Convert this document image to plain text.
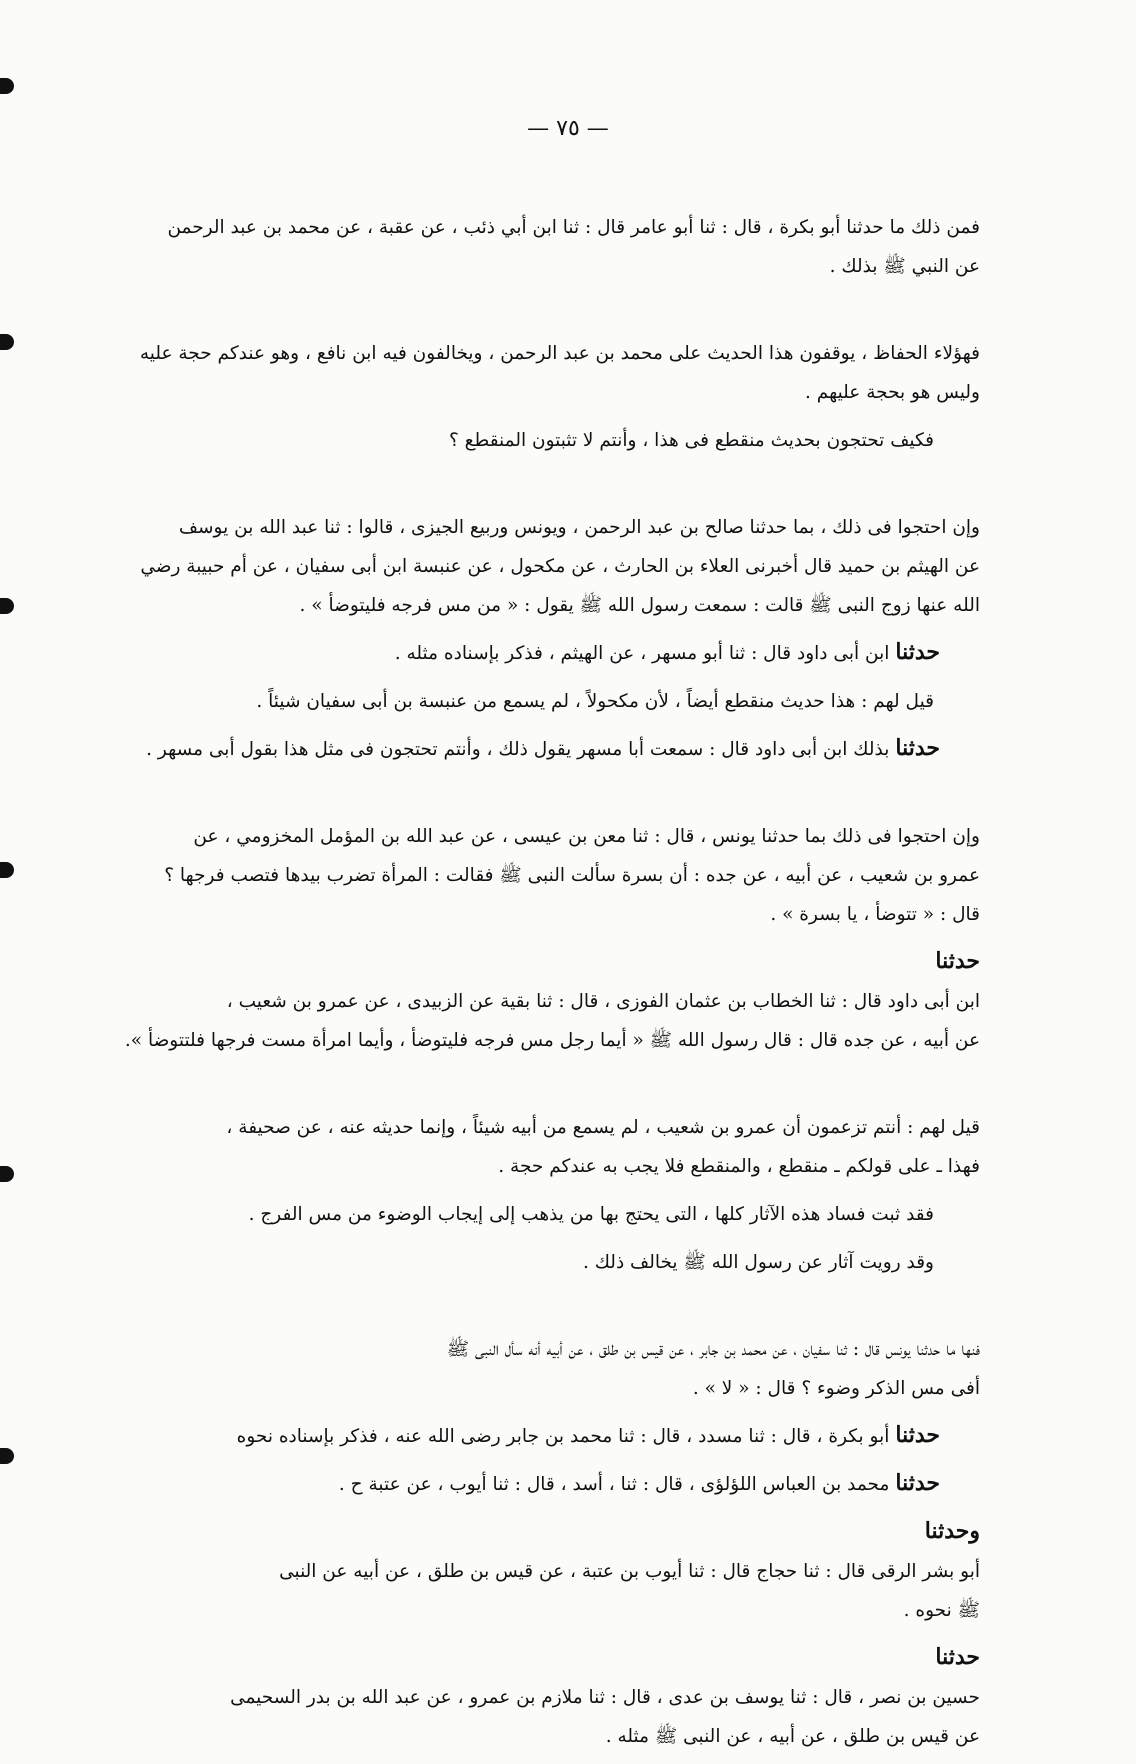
— ٧٥ —

فمن ذلك ما حدثنا أبو بكرة ، قال : ثنا أبو عامر قال : ثنا ابن أبي ذئب ، عن عقبة ، عن محمد بن عبد الرحمن
عن النبي ﷺ بذلك .

فهؤلاء الحفاظ ، يوقفون هذا الحديث على محمد بن عبد الرحمن ، ويخالفون فيه ابن نافع ، وهو عندكم حجة عليه
وليس هو بحجة عليهم .

فكيف تحتجون بحديث منقطع فى هذا ، وأنتم لا تثبتون المنقطع ؟

وإن احتجوا فى ذلك ، بما حدثنا صالح بن عبد الرحمن ، ويونس وربيع الجيزى ، قالوا : ثنا عبد الله بن يوسف
عن الهيثم بن حميد قال أخبرنى العلاء بن الحارث ، عن مكحول ، عن عنبسة ابن أبى سفيان ، عن أم حبيبة رضي
الله عنها زوج النبى ﷺ قالت : سمعت رسول الله ﷺ يقول : « من مس فرجه فليتوضأ » .

حدثناابن أبى داود قال : ثنا أبو مسهر ، عن الهيثم ، فذكر بإسناده مثله .

قيل لهم : هذا حديث منقطع أيضاً ، لأن مكحولاً ، لم يسمع من عنبسة بن أبى سفيان شيئاً .

حدثنابذلك ابن أبى داود قال : سمعت أبا مسهر يقول ذلك ، وأنتم تحتجون فى مثل هذا بقول أبى مسهر .

وإن احتجوا فى ذلك بما حدثنا يونس ، قال : ثنا معن بن عيسى ، عن عبد الله بن المؤمل المخزومي ، عن
عمرو بن شعيب ، عن أبيه ، عن جده : أن بسرة سألت النبى ﷺ فقالت : المرأة تضرب بيدها فتصب فرجها ؟
قال : « تتوضأ ، يا بسرة » .

حدثنا
ابن أبى داود قال : ثنا الخطاب بن عثمان الفوزى ، قال : ثنا بقية عن الزبيدى ، عن عمرو بن شعيب ،
عن أبيه ، عن جده قال : قال رسول الله ﷺ « أيما رجل مس فرجه فليتوضأ ، وأيما امرأة مست فرجها فلتتوضأ ».

قيل لهم : أنتم تزعمون أن عمرو بن شعيب ، لم يسمع من أبيه شيئاً ، وإنما حديثه عنه ، عن صحيفة ،
فهذا ـ على قولكم ـ منقطع ، والمنقطع فلا يجب به عندكم حجة .

فقد ثبت فساد هذه الآثار كلها ، التى يحتج بها من يذهب إلى إيجاب الوضوء من مس الفرج .

وقد رويت آثار عن رسول الله ﷺ يخالف ذلك .

فنها ما حدثنا يونس قال : ثنا سفيان ، عن محمد بن جابر ، عن قيس بن طلق ، عن أبيه أنه سأل النبى ﷺ
أفى مس الذكر وضوء ؟ قال : « لا » .

حدثناأبو بكرة ، قال : ثنا مسدد ، قال : ثنا محمد بن جابر رضى الله عنه ، فذكر بإسناده نحوه

حدثنامحمد بن العباس اللؤلؤى ، قال : ثنا ، أسد ، قال : ثنا أيوب ، عن عتبة ح .

وحدثنا
أبو بشر الرقى قال : ثنا حجاج قال : ثنا أيوب بن عتبة ، عن قيس بن طلق ، عن أبيه عن النبى
ﷺ نحوه .

حدثنا
حسين بن نصر ، قال : ثنا يوسف بن عدى ، قال : ثنا ملازم بن عمرو ، عن عبد الله بن بدر السحيمى
عن قيس بن طلق ، عن أبيه ، عن النبى ﷺ مثله .
